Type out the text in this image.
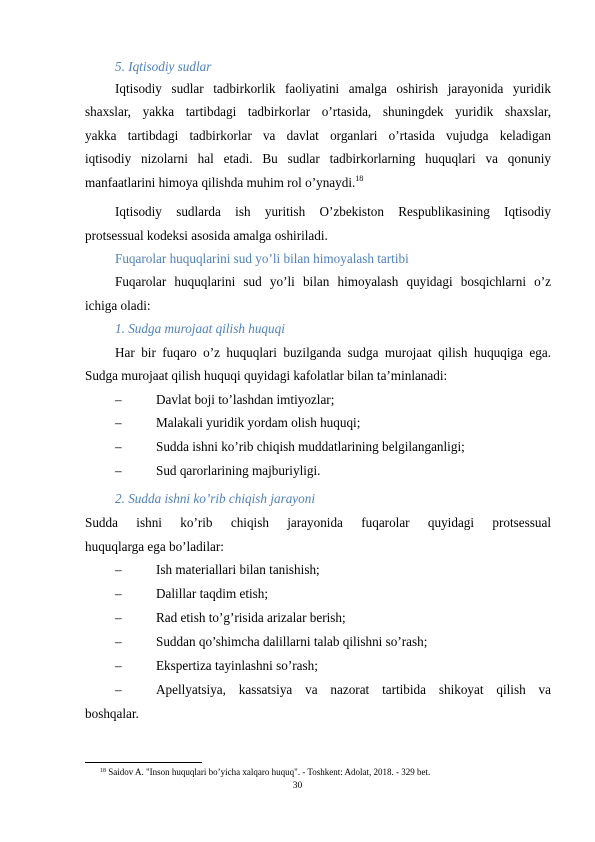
5. Iqtisodiy sudlar
Iqtisodiy sudlar tadbirkorlik faoliyatini amalga oshirish jarayonida yuridik
shaxslar, yakka tartibdagi tadbirkorlar o’rtasida, shuningdek yuridik shaxslar,
yakka tartibdagi tadbirkorlar va davlat organlari o’rtasida vujudga keladigan
iqtisodiy nizolarni hal etadi. Bu sudlar tadbirkorlarning huquqlari va qonuniy
manfaatlarini himoya qilishda muhim rol o’ynaydi.$^{18}$
Iqtisodiy sudlarda ish yuritish O’zbekiston Respublikasining Iqtisodiy
protsessual kodeksi asosida amalga oshiriladi.
Fuqarolar huquqlarini sud yo’li bilan himoyalash tartibi
Fuqarolar huquqlarini sud yo’li bilan himoyalash quyidagi bosqichlarni o’z
ichiga oladi:
1. Sudga murojaat qilish huquqi
Har bir fuqaro o’z huquqlari buzilganda sudga murojaat qilish huquqiga ega.
Sudga murojaat qilish huquqi quyidagi kafolatlar bilan ta’minlanadi:
–	Davlat boji to’lashdan imtiyozlar;
–	Malakali yuridik yordam olish huquqi;
–	Sudda ishni ko’rib chiqish muddatlarining belgilanganligi;
–	Sud qarorlarining majburiyligi.
2. Sudda ishni ko’rib chiqish jarayoni
Sudda ishni ko’rib chiqish jarayonida fuqarolar quyidagi protsessual
huquqlarga ega bo’ladilar:
–	Ish materiallari bilan tanishish;
–	Dalillar taqdim etish;
–	Rad etish to’g’risida arizalar berish;
–	Suddan qo’shimcha dalillarni talab qilishni so’rash;
–	Ekspertiza tayinlashni so’rash;
–	Apellyatsiya, kassatsiya va nazorat tartibida shikoyat qilish va
boshqalar.
$^{18}$ Saidov A. "Inson huquqlari bo’yicha xalqaro huquq". - Toshkent: Adolat, 2018. - 329 bet.
30
